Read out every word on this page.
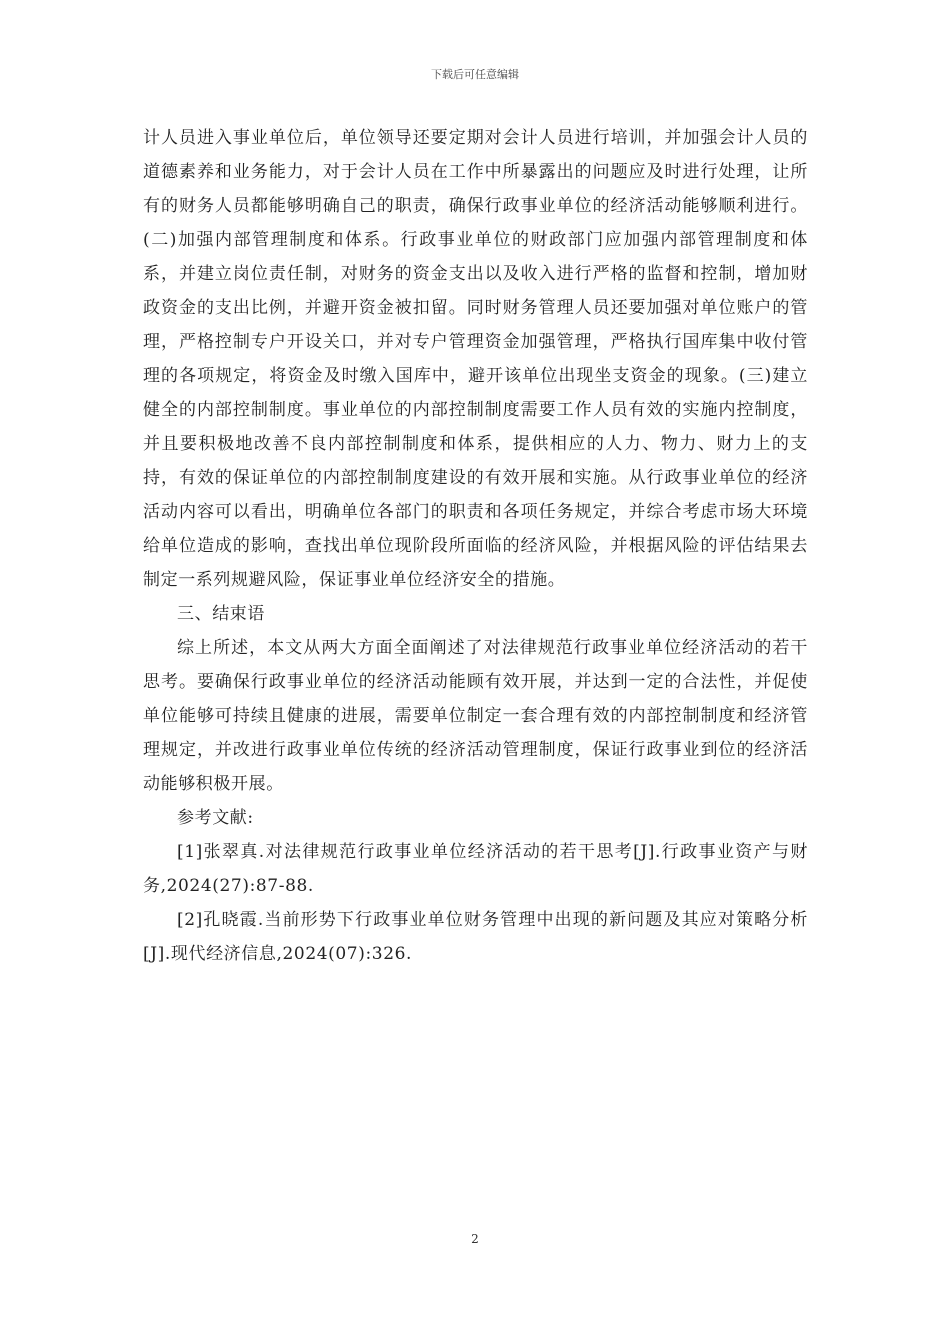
下载后可任意编辑

计人员进入事业单位后，单位领导还要定期对会计人员进行培训，并加强会计人员的道德素养和业务能力，对于会计人员在工作中所暴露出的问题应及时进行处理，让所有的财务人员都能够明确自己的职责，确保行政事业单位的经济活动能够顺利进行。(二)加强内部管理制度和体系。行政事业单位的财政部门应加强内部管理制度和体系，并建立岗位责任制，对财务的资金支出以及收入进行严格的监督和控制，增加财政资金的支出比例，并避开资金被扣留。同时财务管理人员还要加强对单位账户的管理，严格控制专户开设关口，并对专户管理资金加强管理，严格执行国库集中收付管理的各项规定，将资金及时缴入国库中，避开该单位出现坐支资金的现象。(三)建立健全的内部控制制度。事业单位的内部控制制度需要工作人员有效的实施内控制度，并且要积极地改善不良内部控制制度和体系，提供相应的人力、物力、财力上的支持，有效的保证单位的内部控制制度建设的有效开展和实施。从行政事业单位的经济活动内容可以看出，明确单位各部门的职责和各项任务规定，并综合考虑市场大环境给单位造成的影响，查找出单位现阶段所面临的经济风险，并根据风险的评估结果去制定一系列规避风险，保证事业单位经济安全的措施。

三、结束语

综上所述，本文从两大方面全面阐述了对法律规范行政事业单位经济活动的若干思考。要确保行政事业单位的经济活动能顾有效开展，并达到一定的合法性，并促使单位能够可持续且健康的进展，需要单位制定一套合理有效的内部控制制度和经济管理规定，并改进行政事业单位传统的经济活动管理制度，保证行政事业到位的经济活动能够积极开展。

参考文献:

[1]张翠真.对法律规范行政事业单位经济活动的若干思考[J].行政事业资产与财务,2024(27):87-88.

[2]孔晓霞.当前形势下行政事业单位财务管理中出现的新问题及其应对策略分析[J].现代经济信息,2024(07):326.

2
